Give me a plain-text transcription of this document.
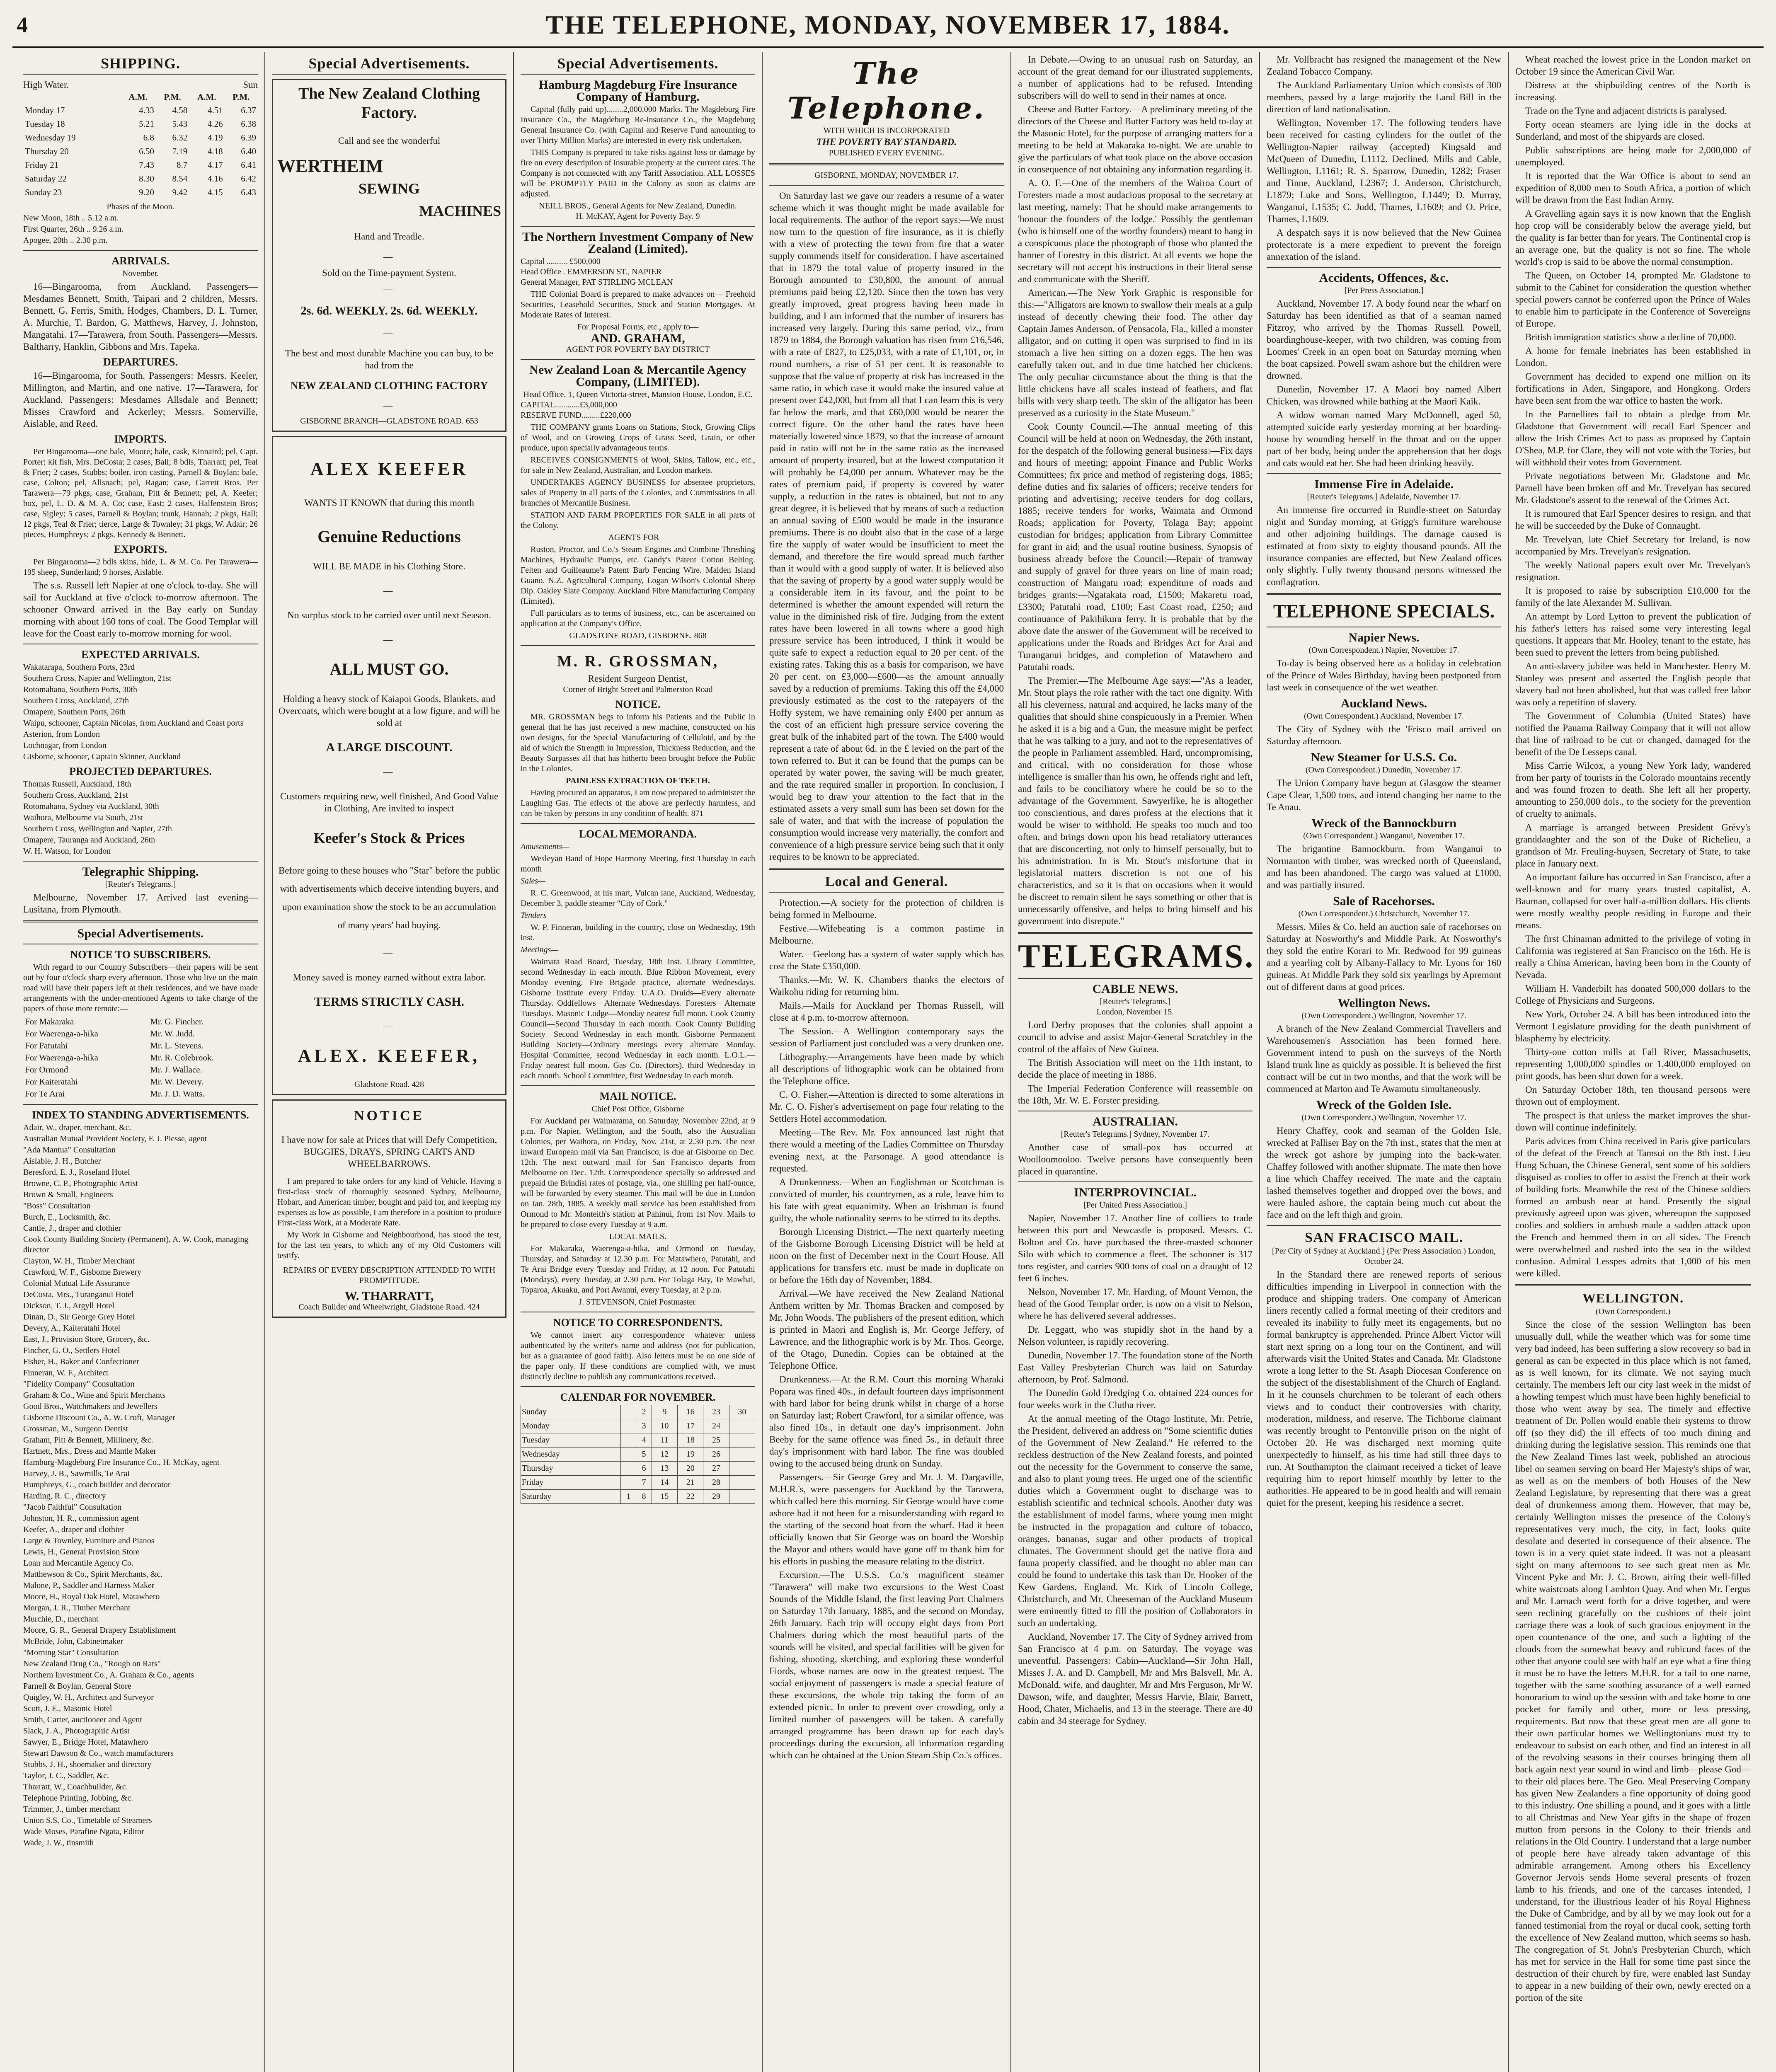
4	THE TELEPHONE, MONDAY, NOVEMBER 17, 1884.
SHIPPING.
High Water.	Sun
	A.M.	P.M.	A.M.	P.M.
Monday 17	4.33	4.58	4.51	6.37
Tuesday 18	5.21	5.43	4.26	6.38
Wednesday 19	6.8	6.32	4.19	6.39
Thursday 20	6.50	7.19	4.18	6.40
Friday 21	7.43	8.7	4.17	6.41
Saturday 22	8.30	8.54	4.16	6.42
Sunday 23	9.20	9.42	4.15	6.43
Phases of the Moon.
New Moon, 18th .. 5.12 a.m.
First Quarter, 26th .. 9.26 a.m.
Apogee, 20th .. 2.30 p.m.
ARRIVALS.
November.

16—Bingarooma, from Auckland. Passengers—Mesdames Bennett, Smith, Taipari and 2 children, Messrs. Bennett, G. Ferris, Smith, Hodges, Chambers, D. L. Turner, A. Murchie, T. Bardon, G. Matthews, Harvey, J. Johnston, Mangatahi. 17—Tarawera, from South. Passengers—Messrs. Baltharry, Hanklin, Gibbons and Mrs. Tapeka.

DEPARTURES.

16—Bingarooma, for South. Passengers: Messrs. Keeler, Millington, and Martin, and one native. 17—Tarawera, for Auckland. Passengers: Mesdames Allsdale and Bennett; Misses Crawford and Ackerley; Messrs. Somerville, Aislable, and Reed.

IMPORTS.

Per Bingarooma—one bale, Moore; bale, cask, Kinnaird; pel, Capt. Porter; kit fish, Mrs. DeCosta; 2 cases, Ball; 8 bdls, Tharratt; pel, Teal & Frier; 2 cases, Stubbs; boiler, iron casting, Parnell & Boylan; bale, case, Colton; pel, Allsnach; pel, Ragan; case, Garrett Bros. Per Tarawera—79 pkgs, case, Graham, Pitt & Bennett; pel, A. Keefer; box, pel, L. D. & M. A. Co; case, East; 2 cases, Halfenstein Bros; case, Sigley; 5 cases, Parnell & Boylan; trunk, Hannah; 2 pkgs, Hall; 12 pkgs, Teal & Frier; tierce, Large & Townley; 31 pkgs, W. Adair; 26 pieces, Humphreys; 2 pkgs, Kennedy & Bennett.

EXPORTS.

Per Bingarooma—2 bdls skins, hide, L. & M. Co. Per Tarawera—195 sheep, Sunderland; 9 horses, Aislable.

The s.s. Russell left Napier at one o'clock to-day. She will sail for Auckland at five o'clock to-morrow afternoon. The schooner Onward arrived in the Bay early on Sunday morning with about 160 tons of coal. The Good Templar will leave for the Coast early to-morrow morning for wool.

EXPECTED ARRIVALS.
Wakatarapa, Southern Ports, 23rd
Southern Cross, Napier and Wellington, 21st
Rotomahana, Southern Ports, 30th
Southern Cross, Auckland, 27th
Omapere, Southern Ports, 26th
Waipu, schooner, Captain Nicolas, from Auckland and Coast ports
Asterion, from London
Lochnagar, from London
Gisborne, schooner, Captain Skinner, Auckland
PROJECTED DEPARTURES.
Thomas Russell, Auckland, 18th
Southern Cross, Auckland, 21st
Rotomahana, Sydney via Auckland, 30th
Waihora, Melbourne via South, 21st
Southern Cross, Wellington and Napier, 27th
Omapere, Tauranga and Auckland, 26th
W. H. Watson, for London
Telegraphic Shipping.
[Reuter's Telegrams.]

Melbourne, November 17. Arrived last evening—Lusitana, from Plymouth.

Special Advertisements.
NOTICE TO SUBSCRIBERS.

With regard to our Country Subscribers—their papers will be sent out by four o'clock sharp every afternoon. Those who live on the main road will have their papers left at their residences, and we have made arrangements with the under-mentioned Agents to take charge of the papers of those more remote:—

For Makaraka	Mr. G. Fincher.
For Waerenga-a-hika	Mr. W. Judd.
For Patutahi	Mr. L. Stevens.
For Waerenga-a-hika	Mr. R. Colebrook.
For Ormond	Mr. J. Wallace.
For Kaiteratahi	Mr. W. Devery.
For Te Arai	Mr. J. D. Watts.
INDEX TO STANDING ADVERTISEMENTS.
Adair, W., draper, merchant, &c.
Australian Mutual Provident Society, F. J. Piesse, agent
"Ada Mantua" Consultation
Aislable, J. H., Butcher
Beresford, E. J., Roseland Hotel
Browne, C. P., Photographic Artist
Brown & Small, Engineers
"Boss" Consultation
Burch, E., Locksmith, &c.
Cantle, J., draper and clothier
Cook County Building Society (Permanent), A. W. Cook, managing director
Clayton, W. H., Timber Merchant
Crawford, W. F., Gisborne Brewery
Colonial Mutual Life Assurance
DeCosta, Mrs., Turanganui Hotel
Dickson, T. J., Argyll Hotel
Dinan, D., Sir George Grey Hotel
Devery, A., Kaiteratahi Hotel
East, J., Provision Store, Grocery, &c.
Fincher, G. O., Settlers Hotel
Fisher, H., Baker and Confectioner
Finneran, W. F., Architect
"Fidelity Company" Consultation
Graham & Co., Wine and Spirit Merchants
Good Bros., Watchmakers and Jewellers
Gisborne Discount Co., A. W. Croft, Manager
Grossman, M., Surgeon Dentist
Graham, Pitt & Bennett, Millinery, &c.
Hartnett, Mrs., Dress and Mantle Maker
Hamburg-Magdeburg Fire Insurance Co., H. McKay, agent
Harvey, J. B., Sawmills, Te Arai
Humphreys, G., coach builder and decorator
Harding, R. C., directory
"Jacob Faithful" Consultation
Johnston, H. R., commission agent
Keefer, A., draper and clothier
Large & Townley, Furniture and Pianos
Lewis, H., General Provision Store
Loan and Mercantile Agency Co.
Matthewson & Co., Spirit Merchants, &c.
Malone, P., Saddler and Harness Maker
Moore, H., Royal Oak Hotel, Matawhero
Morgan, J. R., Timber Merchant
Murchie, D., merchant
Moore, G. R., General Drapery Establishment
McBride, John, Cabinetmaker
"Morning Star" Consultation
New Zealand Drug Co., "Rough on Rats"
Northern Investment Co., A. Graham & Co., agents
Parnell & Boylan, General Store
Quigley, W. H., Architect and Surveyor
Scott, J. E., Masonic Hotel
Smith, Carter, auctioneer and Agent
Slack, J. A., Photographic Artist
Sawyer, E., Bridge Hotel, Matawhero
Stewart Dawson & Co., watch manufacturers
Stubbs, J. H., shoemaker and directory
Taylor, J. C., Saddler, &c.
Tharratt, W., Coachbuilder, &c.
Telephone Printing, Jobbing, &c.
Trimmer, J., timber merchant
Union S.S. Co., Timetable of Steamers
Wade Moses, Parafine Ngata, Editor
Wade, J. W., tinsmith
Special Advertisements.
The New Zealand Clothing
Factory.
Call and see the wonderful
WERTHEIM
SEWING
MACHINES
Hand and Treadle.
—
Sold on the Time-payment System.
—
2s. 6d. WEEKLY. 2s. 6d. WEEKLY.
—
The best and most durable Machine you can buy, to be had from the
NEW ZEALAND CLOTHING FACTORY
—
GISBORNE BRANCH—GLADSTONE ROAD. 653
ALEX KEEFER
WANTS IT KNOWN that during this month
Genuine Reductions
WILL BE MADE in his Clothing Store.
—
No surplus stock to be carried over until next Season.
—
ALL MUST GO.
Holding a heavy stock of Kaiapoi Goods, Blankets, and Overcoats, which were bought at a low figure, and will be sold at
A LARGE DISCOUNT.
—
Customers requiring new, well finished, And Good Value in Clothing, Are invited to inspect
Keefer's Stock & Prices
Before going to these houses who "Star" before the public with advertisements which deceive intending buyers, and upon examination show the stock to be an accumulation of many years' bad buying.
—
Money saved is money earned without extra labor.
TERMS STRICTLY CASH.
—
ALEX. KEEFER,
Gladstone Road. 428
NOTICE
I have now for sale at Prices that will Defy Competition, BUGGIES, DRAYS, SPRING CARTS AND WHEELBARROWS.

I am prepared to take orders for any kind of Vehicle. Having a first-class stock of thoroughly seasoned Sydney, Melbourne, Hobart, and American timber, bought and paid for, and keeping my expenses as low as possible, I am therefore in a position to produce First-class Work, at a Moderate Rate.

My Work in Gisborne and Neighbourhood, has stood the test, for the last ten years, to which any of my Old Customers will testify.

REPAIRS OF EVERY DESCRIPTION ATTENDED TO WITH PROMPTITUDE.
W. THARRATT,
Coach Builder and Wheelwright, Gladstone Road. 424
Special Advertisements.
Hamburg Magdeburg Fire Insurance Company of Hamburg.

Capital (fully paid up)........2,000,000 Marks. The Magdeburg Fire Insurance Co., the Magdeburg Re-insurance Co., the Magdeburg General Insurance Co. (with Capital and Reserve Fund amounting to over Thirty Million Marks) are interested in every risk undertaken.

THIS Company is prepared to take risks against loss or damage by fire on every description of insurable property at the current rates. The Company is not connected with any Tariff Association. ALL LOSSES will be PROMPTLY PAID in the Colony as soon as claims are adjusted.

NEILL BROS., General Agents for New Zealand, Dunedin.
H. McKAY, Agent for Poverty Bay. 9
The Northern Investment Company of New Zealand (Limited).
Capital .......... £500,000
Head Office . EMMERSON ST., NAPIER
General Manager, PAT STIRLING MCLEAN

THE Colonial Board is prepared to make advances on— Freehold Securities, Leasehold Securities, Stock and Station Mortgages. At Moderate Rates of Interest.

For Proposal Forms, etc., apply to—
AND. GRAHAM,
AGENT FOR POVERTY BAY DISTRICT
New Zealand Loan & Mercantile Agency Company, (LIMITED).
Head Office, 1, Queen Victoria-street, Mansion House, London, E.C.
CAPITAL............£3,000,000
RESERVE FUND.........£220,000

THE COMPANY grants Loans on Stations, Stock, Growing Clips of Wool, and on Growing Crops of Grass Seed, Grain, or other produce, upon specially advantageous terms.

RECEIVES CONSIGNMENTS of Wool, Skins, Tallow, etc., etc., for sale in New Zealand, Australian, and London markets.

UNDERTAKES AGENCY BUSINESS for absentee proprietors, sales of Property in all parts of the Colonies, and Commissions in all branches of Mercantile Business.

STATION AND FARM PROPERTIES FOR SALE in all parts of the Colony.

AGENTS FOR—

Ruston, Proctor, and Co.'s Steam Engines and Combine Threshing Machines, Hydraulic Pumps, etc. Gandy's Patent Cotton Belting. Felten and Guilleaume's Patent Barb Fencing Wire. Malden Island Guano. N.Z. Agricultural Company, Logan Wilson's Colonial Sheep Dip. Oakley Slate Company. Auckland Fibre Manufacturing Company (Limited).

Full particulars as to terms of business, etc., can be ascertained on application at the Company's Office,

GLADSTONE ROAD, GISBORNE. 868
M. R. GROSSMAN,
Resident Surgeon Dentist,
Corner of Bright Street and Palmerston Road
NOTICE.

MR. GROSSMAN begs to inform his Patients and the Public in general that he has just received a new machine, constructed on his own designs, for the Special Manufacturing of Celluloid, and by the aid of which the Strength in Impression, Thickness Reduction, and the Beauty Surpasses all that has hitherto been brought before the Public in the Colonies.

PAINLESS EXTRACTION OF TEETH.

Having procured an apparatus, I am now prepared to administer the Laughing Gas. The effects of the above are perfectly harmless, and can be taken by persons in any condition of health. 871

LOCAL MEMORANDA.
Amusements—

Wesleyan Band of Hope Harmony Meeting, first Thursday in each month

Sales—

R. C. Greenwood, at his mart, Vulcan lane, Auckland, Wednesday, December 3, paddle steamer "City of Cork."

Tenders—

W. P. Finneran, building in the country, close on Wednesday, 19th inst.

Meetings—

Waimata Road Board, Tuesday, 18th inst. Library Committee, second Wednesday in each month. Blue Ribbon Movement, every Monday evening. Fire Brigade practice, alternate Wednesdays. Gisborne Institute every Friday. U.A.O. Druids—Every alternate Thursday. Oddfellows—Alternate Wednesdays. Foresters—Alternate Tuesdays. Masonic Lodge—Monday nearest full moon. Cook County Council—Second Thursday in each month. Cook County Building Society—Second Wednesday in each month. Gisborne Permanent Building Society—Ordinary meetings every alternate Monday. Hospital Committee, second Wednesday in each month. L.O.L.—Friday nearest full moon. Gas Co. (Directors), third Wednesday in each month. School Committee, first Wednesday in each month.

MAIL NOTICE.
Chief Post Office, Gisborne

For Auckland per Waimarama, on Saturday, November 22nd, at 9 p.m. For Napier, Wellington, and the South, also the Australian Colonies, per Waihora, on Friday, Nov. 21st, at 2.30 p.m. The next inward European mail via San Francisco, is due at Gisborne on Dec. 12th. The next outward mail for San Francisco departs from Melbourne on Dec. 12th. Correspondence specially so addressed and prepaid the Brindisi rates of postage, via., one shilling per half-ounce, will be forwarded by every steamer. This mail will be due in London on Jan. 28th, 1885. A weekly mail service has been established from Ormond to Mr. Monteith's station at Pahinui, from 1st Nov. Mails to be prepared to close every Tuesday at 9 a.m.

LOCAL MAILS.

For Makaraka, Waerenga-a-hika, and Ormond on Tuesday, Thursday, and Saturday at 12.30 p.m. For Matawhero, Patutahi, and Te Arai Bridge every Tuesday and Friday, at 12 noon. For Patutahi (Mondays), every Tuesday, at 2.30 p.m. For Tolaga Bay, Te Mawhai, Toparoa, Akuaku, and Port Awanui, every Tuesday, at 2 p.m.

J. STEVENSON, Chief Postmaster.
NOTICE TO CORRESPONDENTS.

We cannot insert any correspondence whatever unless authenticated by the writer's name and address (not for publication, but as a guarantee of good faith). Also letters must be on one side of the paper only. If these conditions are complied with, we must distinctly decline to publish any communications received.

CALENDAR FOR NOVEMBER.
Sunday		2	9	16	23	30
Monday		3	10	17	24	
Tuesday		4	11	18	25	
Wednesday		5	12	19	26	
Thursday		6	13	20	27	
Friday		7	14	21	28	
Saturday	1	8	15	22	29	
The Telephone.
WITH WHICH IS INCORPORATED
THE POVERTY BAY STANDARD.
PUBLISHED EVERY EVENING.
GISBORNE, MONDAY, NOVEMBER 17.

On Saturday last we gave our readers a resume of a water scheme which it was thought might be made available for local requirements. The author of the report says:—We must now turn to the question of fire insurance, as it is chiefly with a view of protecting the town from fire that a water supply commends itself for consideration. I have ascertained that in 1879 the total value of property insured in the Borough amounted to £30,800, the amount of annual premiums paid being £2,120. Since then the town has very greatly improved, great progress having been made in building, and I am informed that the number of insurers has increased very largely. During this same period, viz., from 1879 to 1884, the Borough valuation has risen from £16,546, with a rate of £827, to £25,033, with a rate of £1,101, or, in round numbers, a rise of 51 per cent. It is reasonable to suppose that the value of property at risk has increased in the same ratio, in which case it would make the insured value at present over £42,000, but from all that I can learn this is very far below the mark, and that £60,000 would be nearer the correct figure. On the other hand the rates have been materially lowered since 1879, so that the increase of amount paid in ratio will not be in the same ratio as the increased amount of property insured, but at the lowest computation it will probably be £4,000 per annum. Whatever may be the rates of premium paid, if property is covered by water supply, a reduction in the rates is obtained, but not to any great degree, it is believed that by means of such a reduction an annual saving of £500 would be made in the insurance premiums. There is no doubt also that in the case of a large fire the supply of water would be insufficient to meet the demand, and therefore the fire would spread much farther than it would with a good supply of water. It is believed also that the saving of property by a good water supply would be a considerable item in its favour, and the point to be determined is whether the amount expended will return the value in the diminished risk of fire. Judging from the extent rates have been lowered in all towns where a good high pressure service has been introduced, I think it would be quite safe to expect a reduction equal to 20 per cent. of the existing rates. Taking this as a basis for comparison, we have 20 per cent. on £3,000—£600—as the amount annually saved by a reduction of premiums. Taking this off the £4,000 previously estimated as the cost to the ratepayers of the Hoffy system, we have remaining only £400 per annum as the cost of an efficient high pressure service covering the great bulk of the inhabited part of the town. The £400 would represent a rate of about 6d. in the £ levied on the part of the town referred to. But it can be found that the pumps can be operated by water power, the saving will be much greater, and the rate required smaller in proportion. In conclusion, I would beg to draw your attention to the fact that in the estimated assets a very small sum has been set down for the sale of water, and that with the increase of population the consumption would increase very materially, the comfort and convenience of a high pressure service being such that it only requires to be known to be appreciated.

Local and General.

Protection.—A society for the protection of children is being formed in Melbourne.

Festive.—Wifebeating is a common pastime in Melbourne.

Water.—Geelong has a system of water supply which has cost the State £350,000.

Thanks.—Mr. W. K. Chambers thanks the electors of Waikohu riding for returning him.

Mails.—Mails for Auckland per Thomas Russell, will close at 4 p.m. to-morrow afternoon.

The Session.—A Wellington contemporary says the session of Parliament just concluded was a very drunken one.

Lithography.—Arrangements have been made by which all descriptions of lithographic work can be obtained from the Telephone office.

C. O. Fisher.—Attention is directed to some alterations in Mr. C. O. Fisher's advertisement on page four relating to the Settlers Hotel accommodation.

Meeting—The Rev. Mr. Fox announced last night that there would a meeting of the Ladies Committee on Thursday evening next, at the Parsonage. A good attendance is requested.

A Drunkenness.—When an Englishman or Scotchman is convicted of murder, his countrymen, as a rule, leave him to his fate with great equanimity. When an Irishman is found guilty, the whole nationality seems to be stirred to its depths.

Borough Licensing District.—The next quarterly meeting of the Gisborne Borough Licensing District will be held at noon on the first of December next in the Court House. All applications for transfers etc. must be made in duplicate on or before the 16th day of November, 1884.

Arrival.—We have received the New Zealand National Anthem written by Mr. Thomas Bracken and composed by Mr. John Woods. The publishers of the present edition, which is printed in Maori and English is, Mr. George Jeffery, of Lawrence, and the lithographic work is by Mr. Thos. George, of the Otago, Dunedin. Copies can be obtained at the Telephone Office.

Drunkenness.—At the R.M. Court this morning Wharaki Popara was fined 40s., in default fourteen days imprisonment with hard labor for being drunk whilst in charge of a horse on Saturday last; Robert Crawford, for a similar offence, was also fined 10s., in default one day's imprisonment. John Beeby for the same offence was fined 5s., in default three day's imprisonment with hard labor. The fine was doubled owing to the accused being drunk on Sunday.

Passengers.—Sir George Grey and Mr. J. M. Dargaville, M.H.R.'s, were passengers for Auckland by the Tarawera, which called here this morning. Sir George would have come ashore had it not been for a misunderstanding with regard to the starting of the second boat from the wharf. Had it been officially known that Sir George was on board the Worship the Mayor and others would have gone off to thank him for his efforts in pushing the measure relating to the district.

Excursion.—The U.S.S. Co.'s magnificent steamer "Tarawera" will make two excursions to the West Coast Sounds of the Middle Island, the first leaving Port Chalmers on Saturday 17th January, 1885, and the second on Monday, 26th January. Each trip will occupy eight days from Port Chalmers during which the most beautiful parts of the sounds will be visited, and special facilities will be given for fishing, shooting, sketching, and exploring these wonderful Fiords, whose names are now in the greatest request. The social enjoyment of passengers is made a special feature of these excursions, the whole trip taking the form of an extended picnic. In order to prevent over crowding, only a limited number of passengers will be taken. A carefully arranged programme has been drawn up for each day's proceedings during the excursion, all information regarding which can be obtained at the Union Steam Ship Co.'s offices.

In Debate.—Owing to an unusual rush on Saturday, an account of the great demand for our illustrated supplements, a number of applications had to be refused. Intending subscribers will do well to send in their names at once.

Cheese and Butter Factory.—A preliminary meeting of the directors of the Cheese and Butter Factory was held to-day at the Masonic Hotel, for the purpose of arranging matters for a meeting to be held at Makaraka to-night. We are unable to give the particulars of what took place on the above occasion in consequence of not obtaining any information regarding it.

A. O. F.—One of the members of the Wairoa Court of Foresters made a most audacious proposal to the secretary at last meeting, namely: That he should make arrangements to 'honour the founders of the lodge.' Possibly the gentleman (who is himself one of the worthy founders) meant to hang in a conspicuous place the photograph of those who planted the banner of Forestry in this district. At all events we hope the secretary will not accept his instructions in their literal sense and communicate with the Sheriff.

American.—The New York Graphic is responsible for this:—"Alligators are known to swallow their meals at a gulp instead of decently chewing their food. The other day Captain James Anderson, of Pensacola, Fla., killed a monster alligator, and on cutting it open was surprised to find in its stomach a live hen sitting on a dozen eggs. The hen was carefully taken out, and in due time hatched her chickens. The only peculiar circumstance about the thing is that the little chickens have all scales instead of feathers, and flat bills with very sharp teeth. The skin of the alligator has been preserved as a curiosity in the State Museum."

Cook County Council.—The annual meeting of this Council will be held at noon on Wednesday, the 26th instant, for the despatch of the following general business:—Fix days and hours of meeting; appoint Finance and Public Works Committees; fix price and method of registering dogs, 1885; define duties and fix salaries of officers; receive tenders for printing and advertising; receive tenders for dog collars, 1885; receive tenders for works, Waimata and Ormond Roads; application for Poverty, Tolaga Bay; appoint custodian for bridges; application from Library Committee for grant in aid; and the usual routine business. Synopsis of business already before the Council:—Repair of tramway and supply of gravel for three years on line of main road; construction of Mangatu road; expenditure of roads and bridges grants:—Ngatakata road, £1500; Makaretu road, £3300; Patutahi road, £100; East Coast road, £250; and continuance of Pakihikura ferry. It is probable that by the above date the answer of the Government will be received to applications under the Roads and Bridges Act for Arai and Turanganui bridges, and completion of Matawhero and Patutahi roads.

The Premier.—The Melbourne Age says:—"As a leader, Mr. Stout plays the role rather with the tact one dignity. With all his cleverness, natural and acquired, he lacks many of the qualities that should shine conspicuously in a Premier. When he asked it is a big and a Gun, the measure might be perfect that he was talking to a jury, and not to the representatives of the people in Parliament assembled. Hard, uncompromising, and critical, with no consideration for those whose intelligence is smaller than his own, he offends right and left, and fails to be conciliatory where he could be so to the advantage of the Government. Sawyerlike, he is altogether too conscientious, and dares profess at the elections that it would be wiser to withhold. He speaks too much and too often, and brings down upon his head retaliatory utterances that are disconcerting, not only to himself personally, but to his administration. In is Mr. Stout's misfortune that in legislatorial matters discretion is not one of his characteristics, and so it is that on occasions when it would be discreet to remain silent he says something or other that is unnecessarily offensive, and helps to bring himself and his government into disrepute."

TELEGRAMS.
CABLE NEWS.
[Reuter's Telegrams.]
London, November 15.

Lord Derby proposes that the colonies shall appoint a council to advise and assist Major-General Scratchley in the control of the affairs of New Guinea.

The British Association will meet on the 11th instant, to decide the place of meeting in 1886.

The Imperial Federation Conference will reassemble on the 18th, Mr. W. E. Forster presiding.

AUSTRALIAN.
[Reuter's Telegrams.] Sydney, November 17.

Another case of small-pox has occurred at Woolloomooloo. Twelve persons have consequently been placed in quarantine.

INTERPROVINCIAL.
[Per United Press Association.]

Napier, November 17. Another line of colliers to trade between this port and Newcastle is proposed. Messrs. C. Bolton and Co. have purchased the three-masted schooner Silo with which to commence a fleet. The schooner is 317 tons register, and carries 900 tons of coal on a draught of 12 feet 6 inches.

Nelson, November 17. Mr. Harding, of Mount Vernon, the head of the Good Templar order, is now on a visit to Nelson, where he has delivered several addresses.

Dr. Leggatt, who was stupidly shot in the hand by a Nelson volunteer, is rapidly recovering.

Dunedin, November 17. The foundation stone of the North East Valley Presbyterian Church was laid on Saturday afternoon, by Prof. Salmond.

The Dunedin Gold Dredging Co. obtained 224 ounces for four weeks work in the Clutha river.

At the annual meeting of the Otago Institute, Mr. Petrie, the President, delivered an address on "Some scientific duties of the Government of New Zealand." He referred to the reckless destruction of the New Zealand forests, and pointed out the necessity for the Government to conserve the same, and also to plant young trees. He urged one of the scientific duties which a Government ought to discharge was to establish scientific and technical schools. Another duty was the establishment of model farms, where young men might be instructed in the propagation and culture of tobacco, oranges, bananas, sugar and other products of tropical climates. The Government should get the native flora and fauna properly classified, and he thought no abler man can could be found to undertake this task than Dr. Hooker of the Kew Gardens, England. Mr. Kirk of Lincoln College, Christchurch, and Mr. Cheeseman of the Auckland Museum were eminently fitted to fill the position of Collaborators in such an undertaking.

Auckland, November 17. The City of Sydney arrived from San Francisco at 4 p.m. on Saturday. The voyage was uneventful. Passengers: Cabin—Auckland—Sir John Hall, Misses J. A. and D. Campbell, Mr and Mrs Balsvell, Mr. A. McDonald, wife, and daughter, Mr and Mrs Ferguson, Mr W. Dawson, wife, and daughter, Messrs Harvie, Blair, Barrett, Hood, Chater, Michaelis, and 13 in the steerage. There are 40 cabin and 34 steerage for Sydney.

Mr. Vollbracht has resigned the management of the New Zealand Tobacco Company.

The Auckland Parliamentary Union which consists of 300 members, passed by a large majority the Land Bill in the direction of land nationalisation.

Wellington, November 17. The following tenders have been received for casting cylinders for the outlet of the Wellington-Napier railway (accepted) Kingsald and McQueen of Dunedin, L1112. Declined, Mills and Cable, Wellington, L1161; R. S. Sparrow, Dunedin, 1282; Fraser and Tinne, Auckland, L2367; J. Anderson, Christchurch, L1879; Luke and Sons, Wellington, L1449; D. Murray, Wanganui, L1535; C. Judd, Thames, L1609; and O. Price, Thames, L1609.

A despatch says it is now believed that the New Guinea protectorate is a mere expedient to prevent the foreign annexation of the island.

Accidents, Offences, &c.
[Per Press Association.]

Auckland, November 17. A body found near the wharf on Saturday has been identified as that of a seaman named Fitzroy, who arrived by the Thomas Russell. Powell, boardinghouse-keeper, with two children, was coming from Loomes' Creek in an open boat on Saturday morning when the boat capsized. Powell swam ashore but the children were drowned.

Dunedin, November 17. A Maori boy named Albert Chicken, was drowned while bathing at the Maori Kaik.

A widow woman named Mary McDonnell, aged 50, attempted suicide early yesterday morning at her boarding-house by wounding herself in the throat and on the upper part of her body, being under the apprehension that her dogs and cats would eat her. She had been drinking heavily.

Immense Fire in Adelaide.
[Reuter's Telegrams.] Adelaide, November 17.

An immense fire occurred in Rundle-street on Saturday night and Sunday morning, at Grigg's furniture warehouse and other adjoining buildings. The damage caused is estimated at from sixty to eighty thousand pounds. All the insurance companies are effected, but New Zealand offices only slightly. Fully twenty thousand persons witnessed the conflagration.

TELEPHONE SPECIALS.
Napier News.
(Own Correspondent.) Napier, November 17.

To-day is being observed here as a holiday in celebration of the Prince of Wales Birthday, having been postponed from last week in consequence of the wet weather.

Auckland News.
(Own Correspondent.) Auckland, November 17.

The City of Sydney with the 'Frisco mail arrived on Saturday afternoon.

New Steamer for U.S.S. Co.
(Own Correspondent.) Dunedin, November 17.

The Union Company have begun at Glasgow the steamer Cape Clear, 1,500 tons, and intend changing her name to the Te Anau.

Wreck of the Bannockburn
(Own Correspondent.) Wanganui, November 17.

The brigantine Bannockburn, from Wanganui to Normanton with timber, was wrecked north of Queensland, and has been abandoned. The cargo was valued at £1000, and was partially insured.

Sale of Racehorses.
(Own Correspondent.) Christchurch, November 17.

Messrs. Miles & Co. held an auction sale of racehorses on Saturday at Nosworthy's and Middle Park. At Nosworthy's they sold the entire Korari to Mr. Redwood for 99 guineas and a yearling colt by Albany-Fallacy to Mr. Lyons for 160 guineas. At Middle Park they sold six yearlings by Apremont out of different dams at good prices.

Wellington News.
(Own Correspondent.) Wellington, November 17.

A branch of the New Zealand Commercial Travellers and Warehousemen's Association has been formed here. Government intend to push on the surveys of the North Island trunk line as quickly as possible. It is believed the first contract will be cut in two months, and that the work will be commenced at Marton and Te Awamutu simultaneously.

Wreck of the Golden Isle.
(Own Correspondent.) Wellington, November 17.

Henry Chaffey, cook and seaman of the Golden Isle, wrecked at Palliser Bay on the 7th inst., states that the men at the wreck got ashore by jumping into the back-water. Chaffey followed with another shipmate. The mate then hove a line which Chaffey received. The mate and the captain lashed themselves together and dropped over the bows, and were hauled ashore, the captain being much cut about the face and on the left thigh and groin.

SAN FRACISCO MAIL.
[Per City of Sydney at Auckland.] (Per Press Association.) London, October 24.

In the Standard there are renewed reports of serious difficulties impending in Liverpool in connection with the produce and shipping traders. One company of American liners recently called a formal meeting of their creditors and revealed its inability to fully meet its engagements, but no formal bankruptcy is apprehended. Prince Albert Victor will start next spring on a long tour on the Continent, and will afterwards visit the United States and Canada. Mr. Gladstone wrote a long letter to the St. Asaph Diocesan Conference on the subject of the disestablishment of the Church of England. In it he counsels churchmen to be tolerant of each others views and to conduct their controversies with charity, moderation, mildness, and reserve. The Tichborne claimant was recently brought to Pentonville prison on the night of October 20. He was discharged next morning quite unexpectedly to himself, as his time had still three days to run. At Southampton the claimant received a ticket of leave requiring him to report himself monthly by letter to the authorities. He appeared to be in good health and will remain quiet for the present, keeping his residence a secret.

Wheat reached the lowest price in the London market on October 19 since the American Civil War.

Distress at the shipbuilding centres of the North is increasing.

Trade on the Tyne and adjacent districts is paralysed.

Forty ocean steamers are lying idle in the docks at Sunderland, and most of the shipyards are closed.

Public subscriptions are being made for 2,000,000 of unemployed.

It is reported that the War Office is about to send an expedition of 8,000 men to South Africa, a portion of which will be drawn from the East Indian Army.

A Gravelling again says it is now known that the English hop crop will be considerably below the average yield, but the quality is far better than for years. The Continental crop is an average one, but the quality is not so fine. The whole world's crop is said to be above the normal consumption.

The Queen, on October 14, prompted Mr. Gladstone to submit to the Cabinet for consideration the question whether special powers cannot be conferred upon the Prince of Wales to enable him to participate in the Conference of Sovereigns of Europe.

British immigration statistics show a decline of 70,000.

A home for female inebriates has been established in London.

Government has decided to expend one million on its fortifications in Aden, Singapore, and Hongkong. Orders have been sent from the war office to hasten the work.

In the Parnellites fail to obtain a pledge from Mr. Gladstone that Government will recall Earl Spencer and allow the Irish Crimes Act to pass as proposed by Captain O'Shea, M.P. for Clare, they will not vote with the Tories, but will withhold their votes from Government.

Private negotiations between Mr. Gladstone and Mr. Parnell have been broken off and Mr. Trevelyan has secured Mr. Gladstone's assent to the renewal of the Crimes Act.

It is rumoured that Earl Spencer desires to resign, and that he will be succeeded by the Duke of Connaught.

Mr. Trevelyan, late Chief Secretary for Ireland, is now accompanied by Mrs. Trevelyan's resignation.

The weekly National papers exult over Mr. Trevelyan's resignation.

It is proposed to raise by subscription £10,000 for the family of the late Alexander M. Sullivan.

An attempt by Lord Lytton to prevent the publication of his father's letters has raised some very interesting legal questions. It appears that Mr. Hooley, tenant to the estate, has been sued to prevent the letters from being published.

An anti-slavery jubilee was held in Manchester. Henry M. Stanley was present and asserted the English people that slavery had not been abolished, but that was called free labor was only a repetition of slavery.

The Government of Columbia (United States) have notified the Panama Railway Company that it will not allow that line of railroad to be cut or changed, damaged for the benefit of the De Lesseps canal.

Miss Carrie Wilcox, a young New York lady, wandered from her party of tourists in the Colorado mountains recently and was found frozen to death. She left all her property, amounting to 250,000 dols., to the society for the prevention of cruelty to animals.

A marriage is arranged between President Grévy's granddaughter and the son of the Duke of Richelieu, a grandson of Mr. Freuling-huysen, Secretary of State, to take place in January next.

An important failure has occurred in San Francisco, after a well-known and for many years trusted capitalist, A. Bauman, collapsed for over half-a-million dollars. His clients were mostly wealthy people residing in Europe and their means.

The first Chinaman admitted to the privilege of voting in California was registered at San Francisco on the 16th. He is really a China American, having been born in the County of Nevada.

William H. Vanderbilt has donated 500,000 dollars to the College of Physicians and Surgeons.

New York, October 24. A bill has been introduced into the Vermont Legislature providing for the death punishment of blasphemy by electricity.

Thirty-one cotton mills at Fall River, Massachusetts, representing 1,000,000 spindles or 1,400,000 employed on print goods, has been shut down for a week.

On Saturday October 18th, ten thousand persons were thrown out of employment.

The prospect is that unless the market improves the shut-down will continue indefinitely.

Paris advices from China received in Paris give particulars of the defeat of the French at Tamsui on the 8th inst. Lieu Hung Schuan, the Chinese General, sent some of his soldiers disguised as coolies to offer to assist the French at their work of building forts. Meanwhile the rest of the Chinese soldiers formed an ambush near at hand. Presently the signal previously agreed upon was given, whereupon the supposed coolies and soldiers in ambush made a sudden attack upon the French and hemmed them in on all sides. The French were overwhelmed and rushed into the sea in the wildest confusion. Admiral Lesspes admits that 1,000 of his men were killed.

WELLINGTON.
(Own Correspondent.)

Since the close of the session Wellington has been unusually dull, while the weather which was for some time very bad indeed, has been suffering a slow recovery so bad in general as can be expected in this place which is not famed, as is well known, for its climate. We not saying much certainly. The members left our city last week in the midst of a howling tempest which must have been highly beneficial to those who went away by sea. The timely and effective treatment of Dr. Pollen would enable their systems to throw off (so they did) the ill effects of too much dining and drinking during the legislative session. This reminds one that the New Zealand Times last week, published an atrocious libel on seamen serving on board Her Majesty's ships of war, as well as on the members of both Houses of the New Zealand Legislature, by representing that there was a great deal of drunkenness among them. However, that may be, certainly Wellington misses the presence of the Colony's representatives very much, the city, in fact, looks quite desolate and deserted in consequence of their absence. The town is in a very quiet state indeed. It was not a pleasant sight on many afternoons to see such great men as Mr. Vincent Pyke and Mr. J. C. Brown, airing their well-filled white waistcoats along Lambton Quay. And when Mr. Fergus and Mr. Larnach went forth for a drive together, and were seen reclining gracefully on the cushions of their joint carriage there was a look of such gracious enjoyment in the open countenance of the one, and such a lighting of the clouds from the somewhat heavy and rubicund faces of the other that anyone could see with half an eye what a fine thing it must be to have the letters M.H.R. for a tail to one name, together with the same soothing assurance of a well earned honorarium to wind up the session with and take home to one pocket for family and other, more or less pressing, requirements. But now that these great men are all gone to their own particular homes we Wellingtonians must try to endeavour to subsist on each other, and find an interest in all of the revolving seasons in their courses bringing them all back again next year sound in wind and limb—please God—to their old places here. The Geo. Meal Preserving Company has given New Zealanders a fine opportunity of doing good to this industry. One shilling a pound, and it goes with a little to all Christmas and New Year gifts in the shape of frozen mutton from persons in the Colony to their friends and relations in the Old Country. I understand that a large number of people here have already taken advantage of this admirable arrangement. Among others his Excellency Governor Jervois sends Home several presents of frozen lamb to his friends, and one of the carcases intended, I understand, for the illustrious leader of his Royal Highness the Duke of Cambridge, and by all by we may look out for a fanned testimonial from the royal or ducal cook, setting forth the excellence of New Zealand mutton, which seems so hash. The congregation of St. John's Presbyterian Church, which has met for service in the Hall for some time past since the destruction of their church by fire, were enabled last Sunday to appear in a new building of their own, newly erected on a portion of the site
